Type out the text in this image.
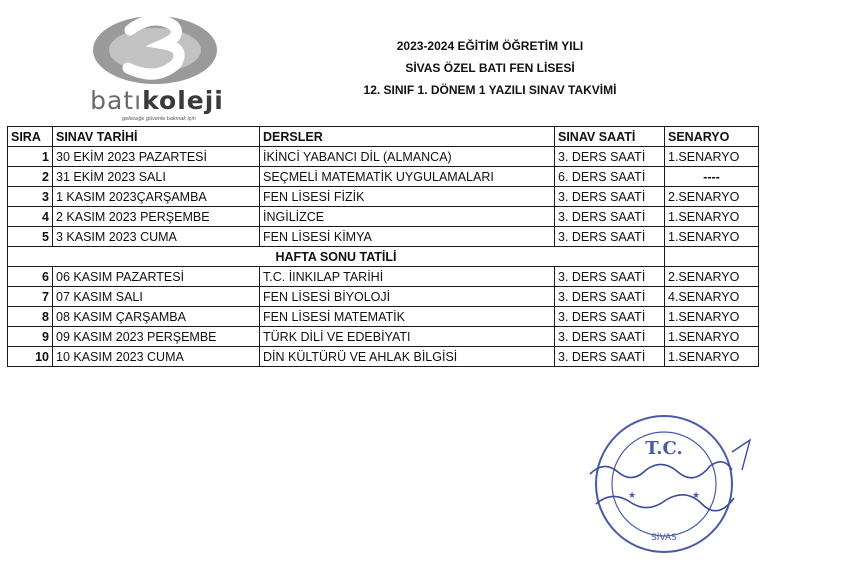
batıkoleji
geleceğe güvenle bakmak için
2023-2024 EĞİTİM ÖĞRETİM YILI
SİVAS ÖZEL BATI FEN LİSESİ
12. SINIF 1. DÖNEM 1 YAZILI SINAV TAKVİMİ
SIRA	SINAV TARİHİ	DERSLER	SINAV SAATİ	SENARYO
1	30 EKİM 2023 PAZARTESİ	İKİNCİ YABANCI DİL (ALMANCA)	3. DERS SAATİ	1.SENARYO
2	31 EKİM 2023 SALI	SEÇMELİ MATEMATİK UYGULAMALARI	6. DERS SAATİ	----
3	1 KASIM 2023ÇARŞAMBA	FEN LİSESİ FİZİK	3. DERS SAATİ	2.SENARYO
4	2 KASIM 2023 PERŞEMBE	İNGİLİZCE	3. DERS SAATİ	1.SENARYO
5	3 KASIM 2023 CUMA	FEN LİSESİ KİMYA	3. DERS SAATİ	1.SENARYO
HAFTA SONU TATİLİ				
6	06 KASIM PAZARTESİ	T.C. İINKILAP TARİHİ	3. DERS SAATİ	2.SENARYO
7	07 KASIM SALI	FEN LİSESİ BİYOLOJİ	3. DERS SAATİ	4.SENARYO
8	08 KASIM ÇARŞAMBA	FEN LİSESİ MATEMATİK	3. DERS SAATİ	1.SENARYO
9	09 KASIM 2023 PERŞEMBE	TÜRK DİLİ VE EDEBİYATI	3. DERS SAATİ	1.SENARYO
10	10 KASIM 2023 CUMA	DİN KÜLTÜRÜ VE AHLAK BİLGİSİ	3. DERS SAATİ	1.SENARYO
T.C.
SİVAS
★	★
